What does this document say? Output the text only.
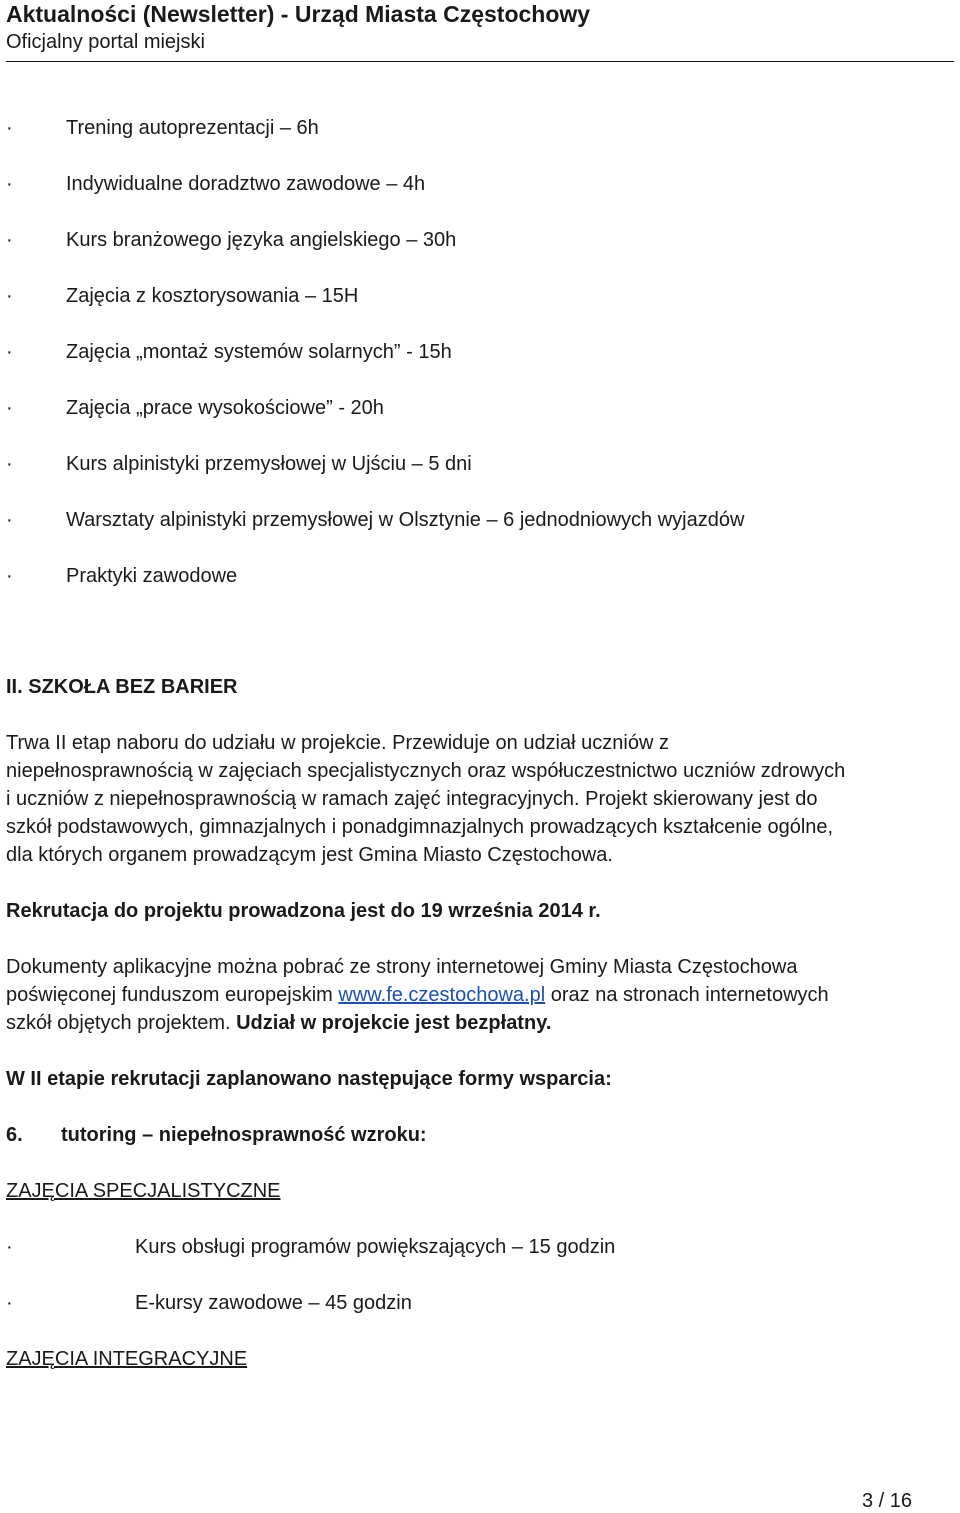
Aktualności (Newsletter) - Urząd Miasta Częstochowy
Oficjalny portal miejski
·	Trening autoprezentacji – 6h
·	Indywidualne doradztwo zawodowe – 4h
·	Kurs branżowego języka angielskiego – 30h
·	Zajęcia z kosztorysowania – 15H
·	Zajęcia „montaż systemów solarnych” - 15h
·	Zajęcia „prace wysokościowe” - 20h
·	Kurs alpinistyki przemysłowej w Ujściu – 5 dni
·	Warsztaty alpinistyki przemysłowej w Olsztynie – 6 jednodniowych wyjazdów
·	Praktyki zawodowe
II. SZKOŁA BEZ BARIER
Trwa II etap naboru do udziału w projekcie. Przewiduje on udział uczniów z
niepełnosprawnością w zajęciach specjalistycznych oraz współuczestnictwo uczniów zdrowych
i uczniów z niepełnosprawnością w ramach zajęć integracyjnych. Projekt skierowany jest do
szkół podstawowych, gimnazjalnych i ponadgimnazjalnych prowadzących kształcenie ogólne,
dla których organem prowadzącym jest Gmina Miasto Częstochowa.
Rekrutacja do projektu prowadzona jest do 19 września 2014 r.
Dokumenty aplikacyjne można pobrać ze strony internetowej Gminy Miasta Częstochowa
poświęconej funduszom europejskim www.fe.czestochowa.pl oraz na stronach internetowych
szkół objętych projektem. Udział w projekcie jest bezpłatny.
W II etapie rekrutacji zaplanowano następujące formy wsparcia:
6. tutoring – niepełnosprawność wzroku:
ZAJĘCIA SPECJALISTYCZNE
·	Kurs obsługi programów powiększających – 15 godzin
·	E-kursy zawodowe – 45 godzin
ZAJĘCIA INTEGRACYJNE
3 / 16
